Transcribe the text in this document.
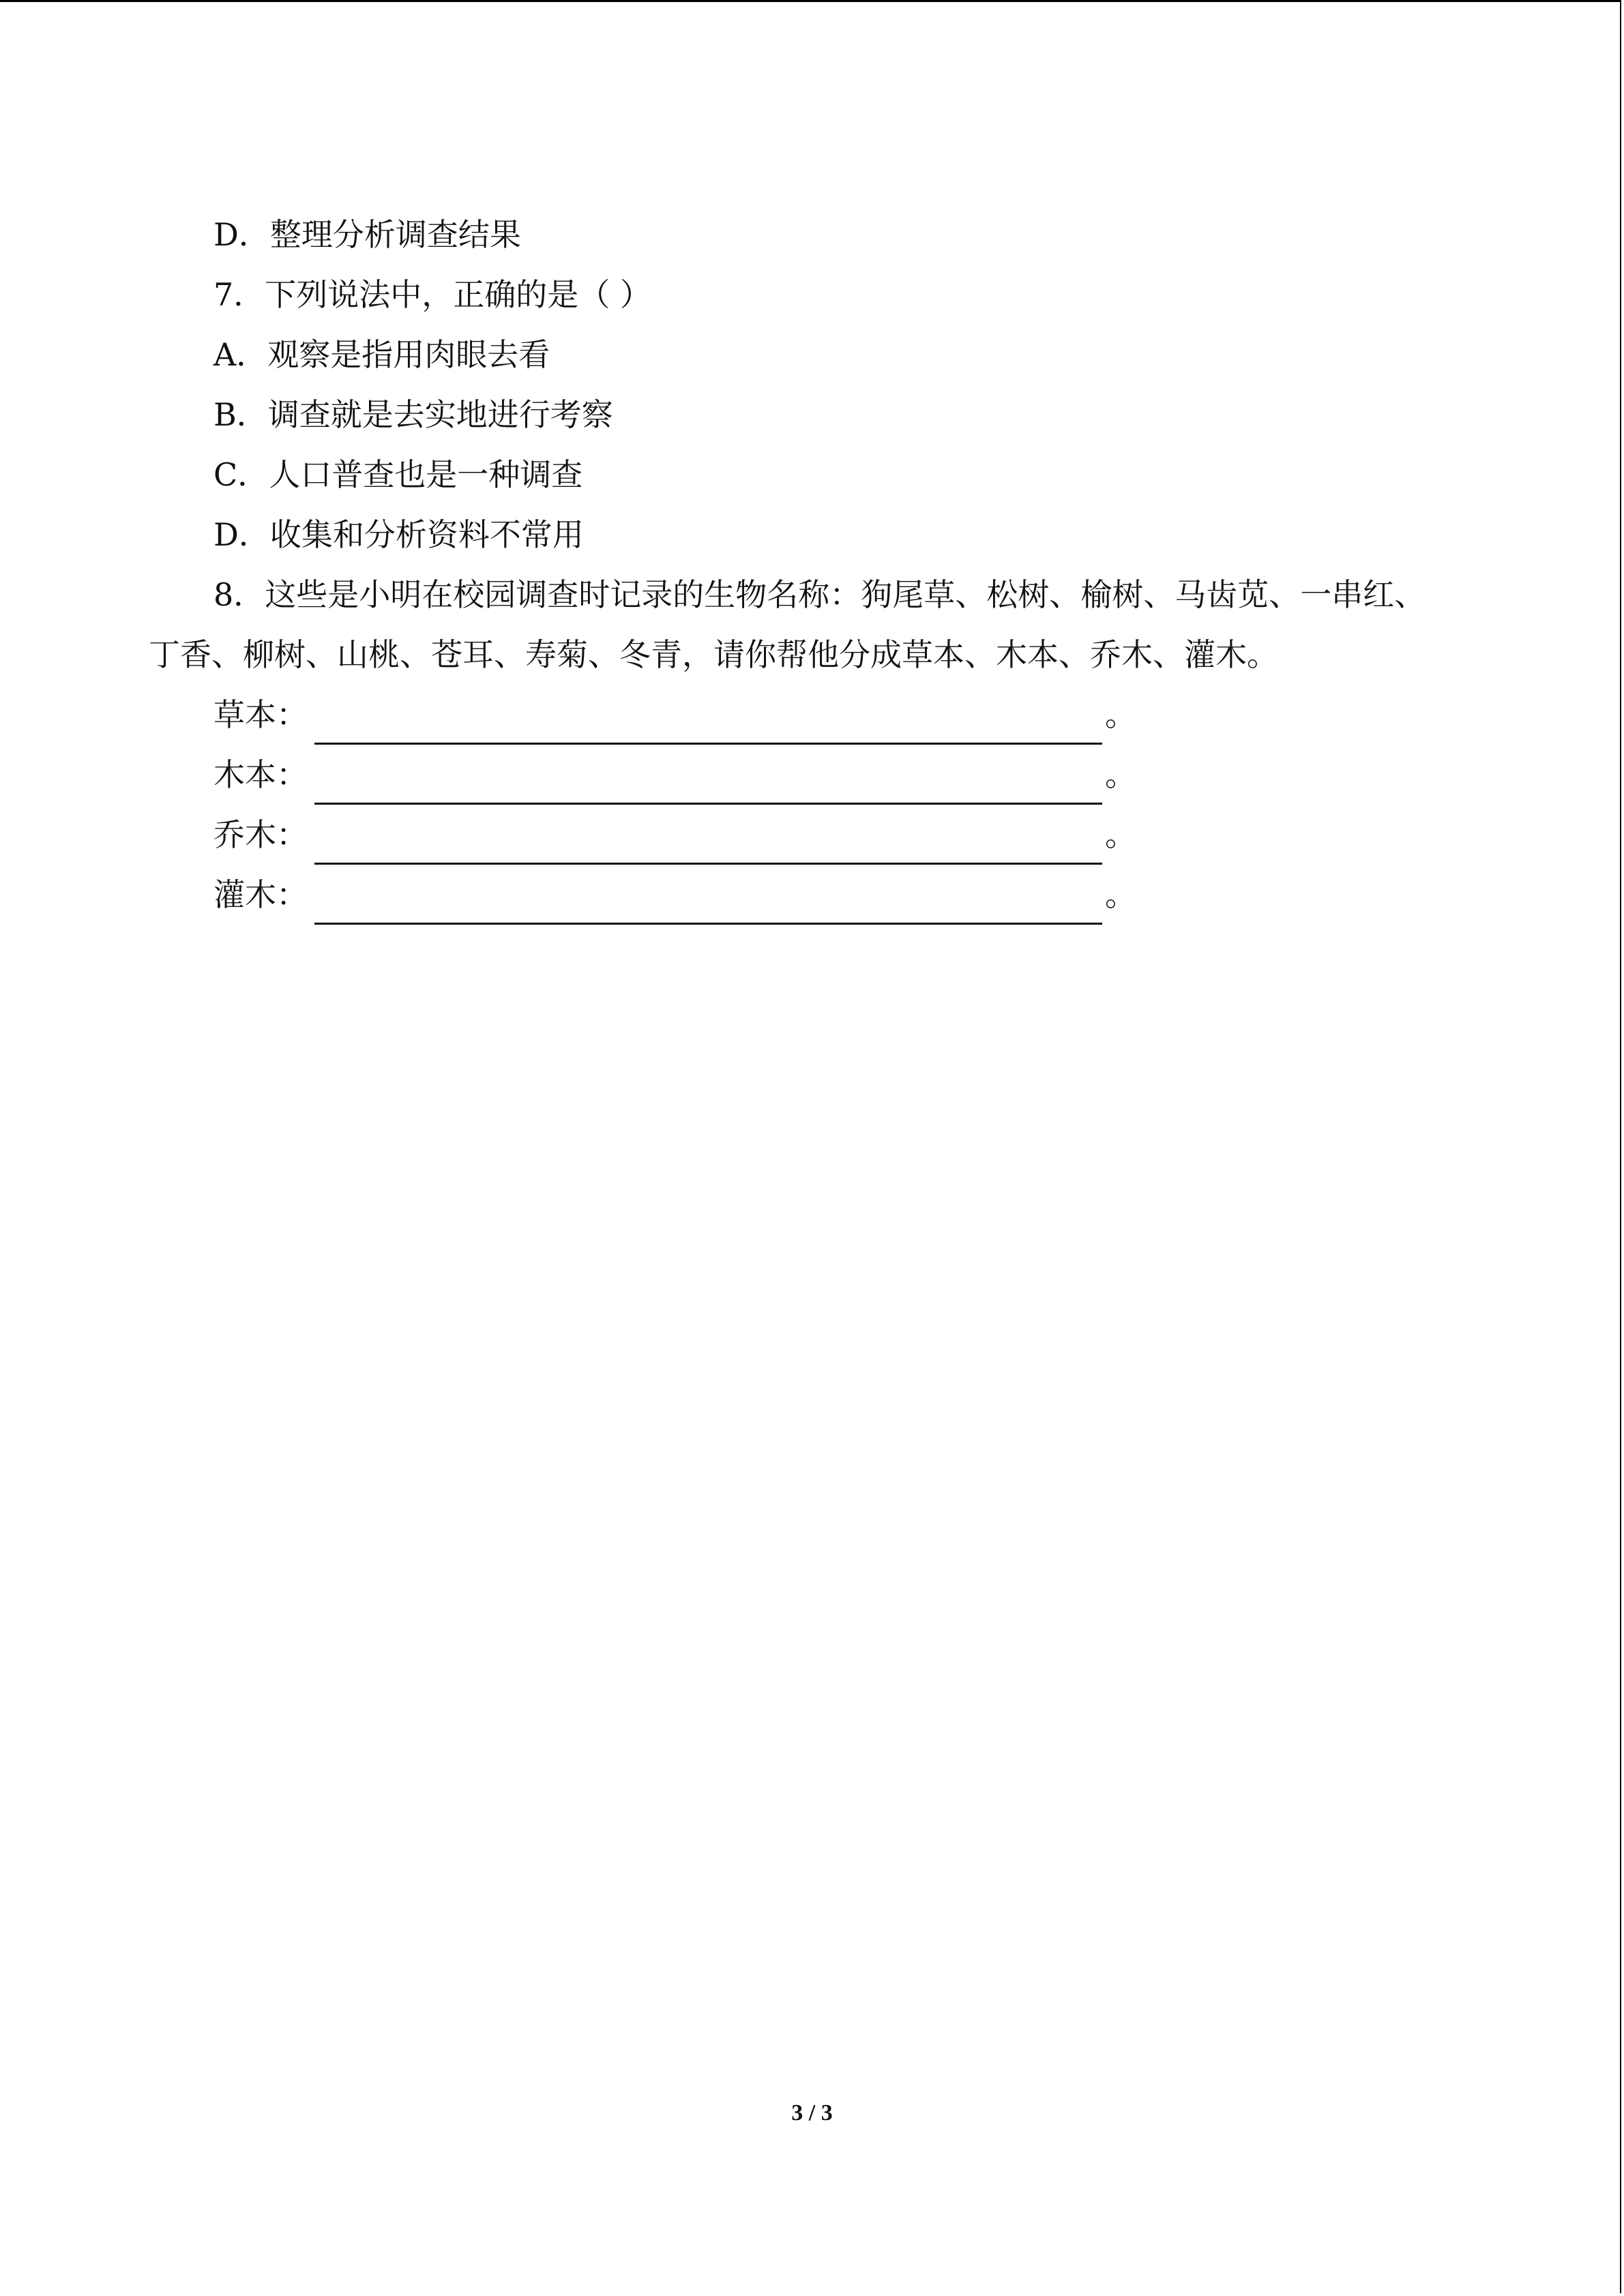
D．整理分析调查结果

7．下列说法中，正确的是（ ）

A．观察是指用肉眼去看

B．调查就是去实地进行考察

C．人口普查也是一种调查

D．收集和分析资料不常用

8．这些是小明在校园调查时记录的生物名称：狗尾草、松树、榆树、马齿苋、一串红、

丁香、柳树、山桃、苍耳、寿菊、冬青，请你帮他分成草本、木本、乔木、灌木。

草本：	。
木本：	。
乔木：	。
灌木：	。
3 / 3
